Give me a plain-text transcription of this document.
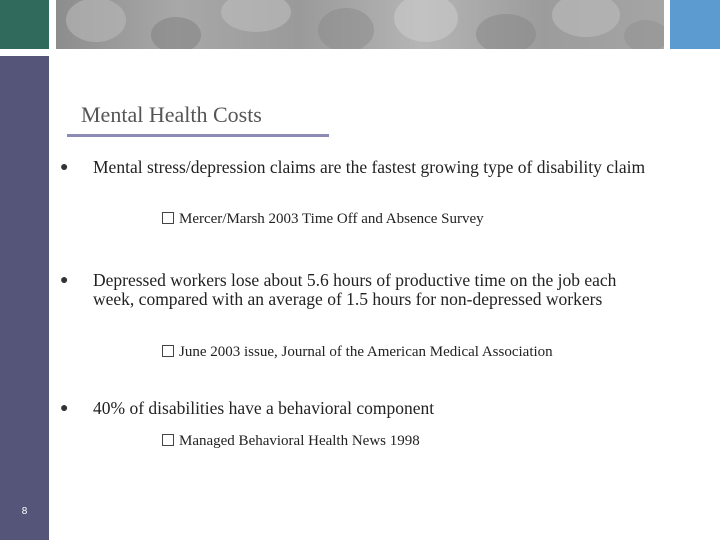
8
Mental Health Costs
● Mental stress/depression claims are the fastest growing type of disability claim
Mercer/Marsh 2003 Time Off and Absence Survey
● Depressed workers lose about 5.6 hours of productive time on the job each week, compared with an average of 1.5 hours for non-depressed workers
June 2003 issue, Journal of the American Medical Association
● 40% of disabilities have a behavioral component
Managed Behavioral Health News 1998
